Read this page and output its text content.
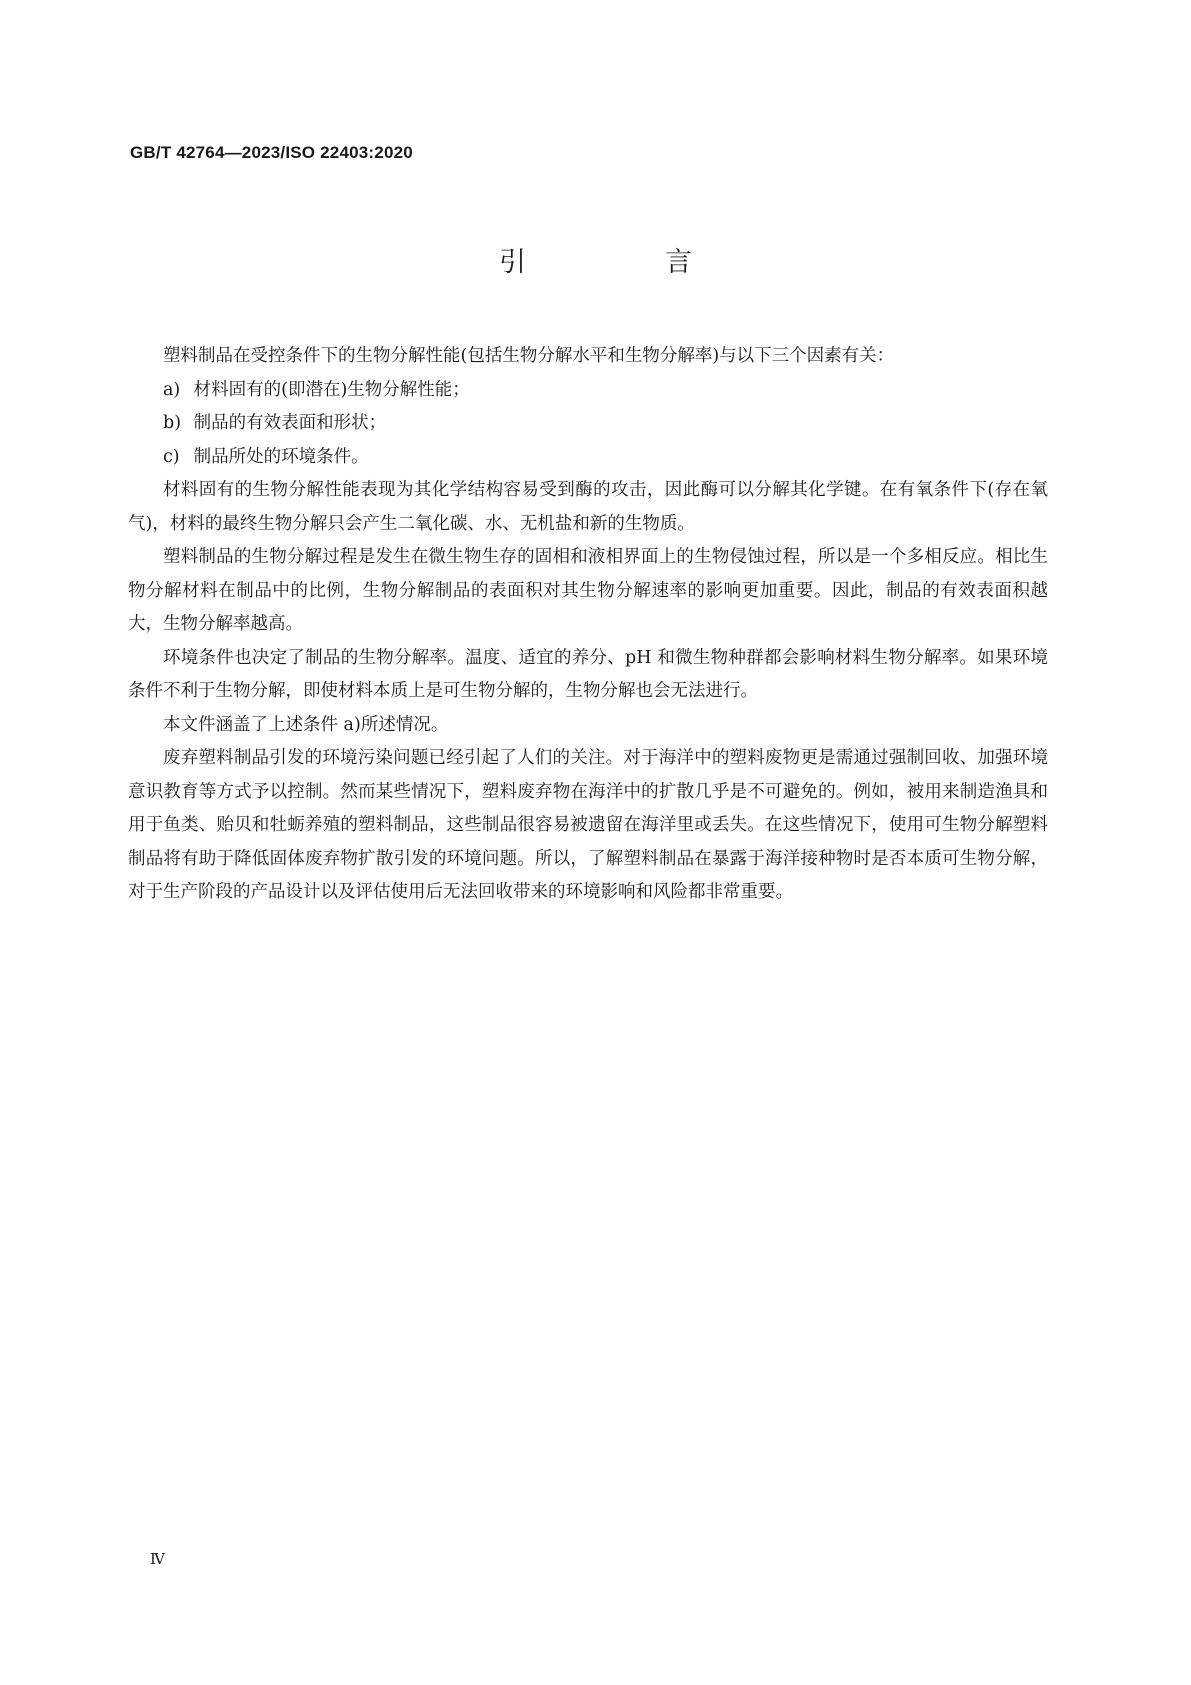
GB/T 42764—2023/ISO 22403:2020
引　言

塑料制品在受控条件下的生物分解性能(包括生物分解水平和生物分解率)与以下三个因素有关：

a) 材料固有的(即潜在)生物分解性能；

b) 制品的有效表面和形状；

c) 制品所处的环境条件。

材料固有的生物分解性能表现为其化学结构容易受到酶的攻击，因此酶可以分解其化学键。在有氧条件下(存在氧气)，材料的最终生物分解只会产生二氧化碳、水、无机盐和新的生物质。

塑料制品的生物分解过程是发生在微生物生存的固相和液相界面上的生物侵蚀过程，所以是一个多相反应。相比生物分解材料在制品中的比例，生物分解制品的表面积对其生物分解速率的影响更加重要。因此，制品的有效表面积越大，生物分解率越高。

环境条件也决定了制品的生物分解率。温度、适宜的养分、pH 和微生物种群都会影响材料生物分解率。如果环境条件不利于生物分解，即使材料本质上是可生物分解的，生物分解也会无法进行。

本文件涵盖了上述条件 a)所述情况。

废弃塑料制品引发的环境污染问题已经引起了人们的关注。对于海洋中的塑料废物更是需通过强制回收、加强环境意识教育等方式予以控制。然而某些情况下，塑料废弃物在海洋中的扩散几乎是不可避免的。例如，被用来制造渔具和用于鱼类、贻贝和牡蛎养殖的塑料制品，这些制品很容易被遗留在海洋里或丢失。在这些情况下，使用可生物分解塑料制品将有助于降低固体废弃物扩散引发的环境问题。所以，了解塑料制品在暴露于海洋接种物时是否本质可生物分解，对于生产阶段的产品设计以及评估使用后无法回收带来的环境影响和风险都非常重要。

Ⅳ
